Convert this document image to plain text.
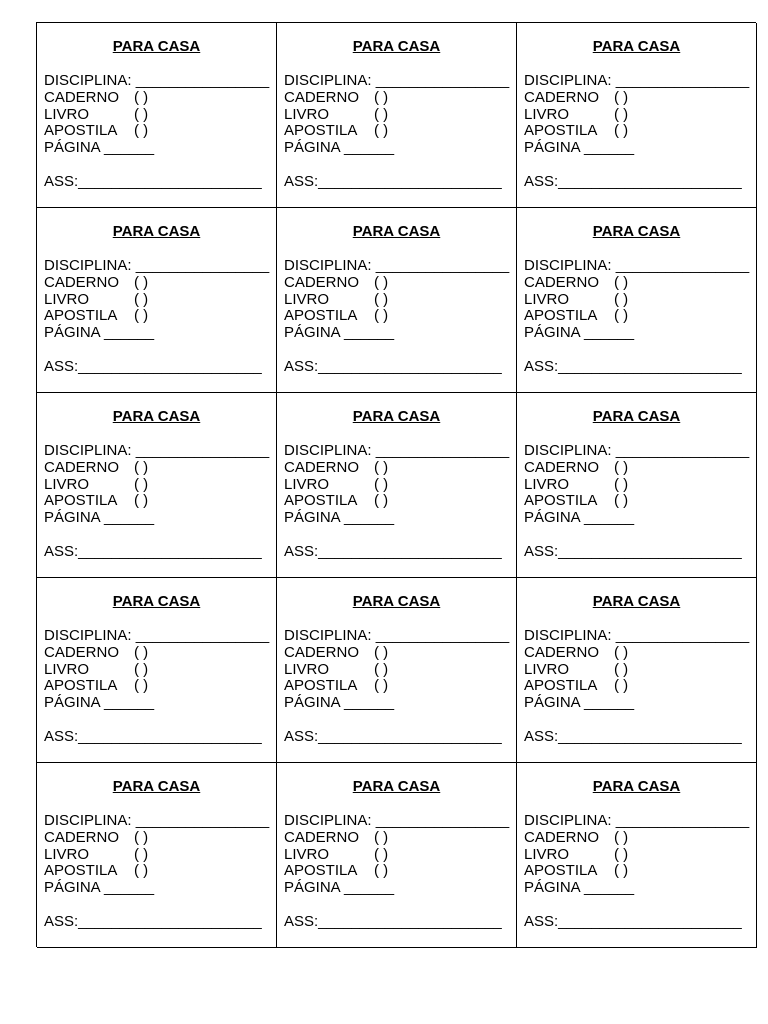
PARA CASA
DISCIPLINA: ________________
CADERNO ( )
LIVRO	( )
APOSTILA ( )
PÁGINA ______
ASS:______________________
PARA CASA
DISCIPLINA: ________________
CADERNO ( )
LIVRO	( )
APOSTILA ( )
PÁGINA ______
ASS:______________________
PARA CASA
DISCIPLINA: ________________
CADERNO ( )
LIVRO	( )
APOSTILA ( )
PÁGINA ______
ASS:______________________
PARA CASA
DISCIPLINA: ________________
CADERNO ( )
LIVRO	( )
APOSTILA ( )
PÁGINA ______
ASS:______________________
PARA CASA
DISCIPLINA: ________________
CADERNO ( )
LIVRO	( )
APOSTILA ( )
PÁGINA ______
ASS:______________________
PARA CASA
DISCIPLINA: ________________
CADERNO ( )
LIVRO	( )
APOSTILA ( )
PÁGINA ______
ASS:______________________
PARA CASA
DISCIPLINA: ________________
CADERNO ( )
LIVRO	( )
APOSTILA ( )
PÁGINA ______
ASS:______________________
PARA CASA
DISCIPLINA: ________________
CADERNO ( )
LIVRO	( )
APOSTILA ( )
PÁGINA ______
ASS:______________________
PARA CASA
DISCIPLINA: ________________
CADERNO ( )
LIVRO	( )
APOSTILA ( )
PÁGINA ______
ASS:______________________
PARA CASA
DISCIPLINA: ________________
CADERNO ( )
LIVRO	( )
APOSTILA ( )
PÁGINA ______
ASS:______________________
PARA CASA
DISCIPLINA: ________________
CADERNO ( )
LIVRO	( )
APOSTILA ( )
PÁGINA ______
ASS:______________________
PARA CASA
DISCIPLINA: ________________
CADERNO ( )
LIVRO	( )
APOSTILA ( )
PÁGINA ______
ASS:______________________
PARA CASA
DISCIPLINA: ________________
CADERNO ( )
LIVRO	( )
APOSTILA ( )
PÁGINA ______
ASS:______________________
PARA CASA
DISCIPLINA: ________________
CADERNO ( )
LIVRO	( )
APOSTILA ( )
PÁGINA ______
ASS:______________________
PARA CASA
DISCIPLINA: ________________
CADERNO ( )
LIVRO	( )
APOSTILA ( )
PÁGINA ______
ASS:______________________
